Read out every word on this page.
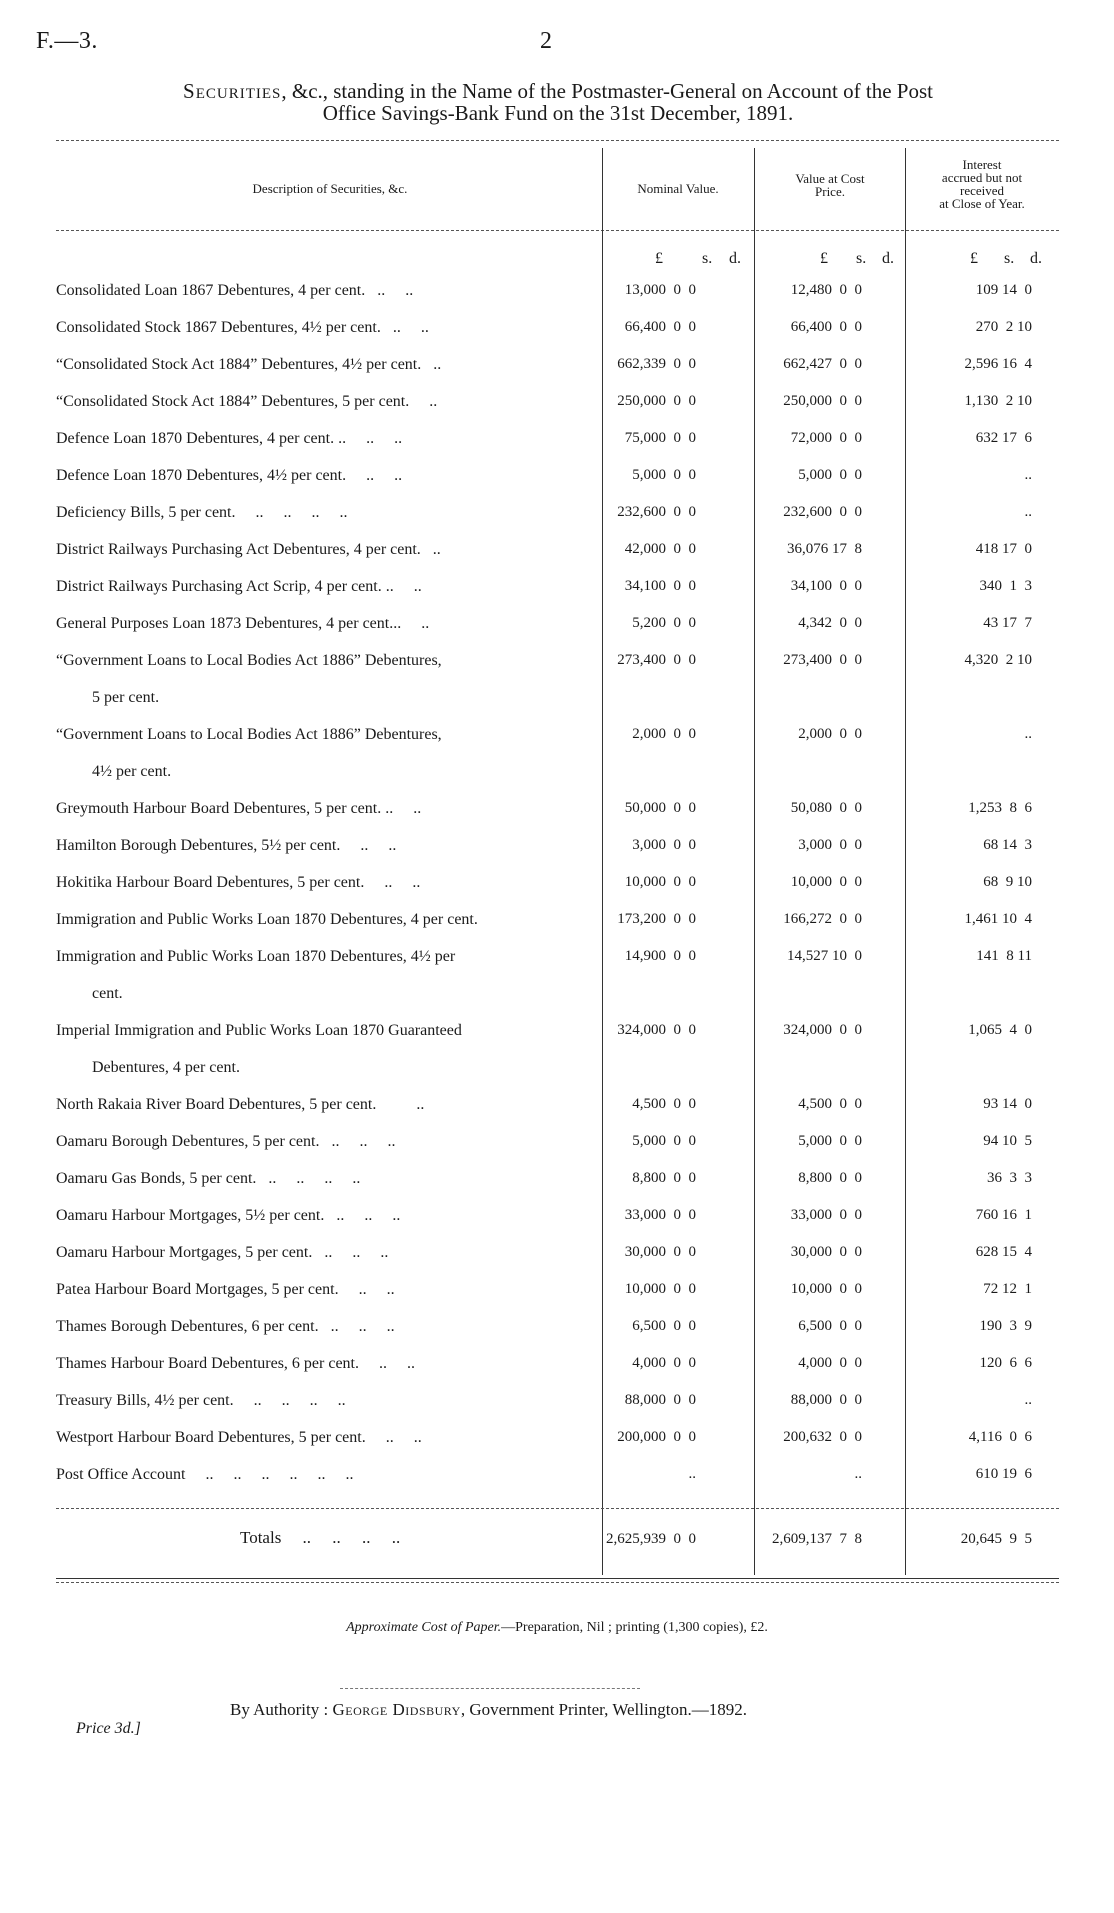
F.—3.	2
Securities, &c., standing in the Name of the Postmaster-General on Account of the Post
Office Savings-Bank Fund on the 31st December, 1891.
Description of Securities, &c.	Nominal Value.
Value at Cost
Price.
Interest
accrued but not
received
at Close of Year.
£ s. d.	£ s. d.	£ s. d.
Consolidated Loan 1867 Debentures, 4 per cent.   ..     ..	13,000  0  0	12,480  0  0	109 14  0
Consolidated Stock 1867 Debentures, 4½ per cent.   ..     ..	66,400  0  0	66,400  0  0	270  2 10
“Consolidated Stock Act 1884” Debentures, 4½ per cent.   ..	662,339  0  0	662,427  0  0	2,596 16  4
“Consolidated Stock Act 1884” Debentures, 5 per cent.     ..	250,000  0  0	250,000  0  0	1,130  2 10
Defence Loan 1870 Debentures, 4 per cent. ..     ..     ..	75,000  0  0	72,000  0  0	632 17  6
Defence Loan 1870 Debentures, 4½ per cent.     ..     ..	5,000  0  0	5,000  0  0	..
Deficiency Bills, 5 per cent.     ..     ..     ..     ..	232,600  0  0	232,600  0  0	..
District Railways Purchasing Act Debentures, 4 per cent.   ..	42,000  0  0	36,076 17  8	418 17  0
District Railways Purchasing Act Scrip, 4 per cent. ..     ..	34,100  0  0	34,100  0  0	340  1  3
General Purposes Loan 1873 Debentures, 4 per cent...     ..	5,200  0  0	4,342  0  0	43 17  7
“Government Loans to Local Bodies Act 1886” Debentures,	273,400  0  0	273,400  0  0	4,320  2 10
5 per cent.
“Government Loans to Local Bodies Act 1886” Debentures,	2,000  0  0	2,000  0  0	..
4½ per cent.
Greymouth Harbour Board Debentures, 5 per cent. ..     ..	50,000  0  0	50,080  0  0	1,253  8  6
Hamilton Borough Debentures, 5½ per cent.     ..     ..	3,000  0  0	3,000  0  0	68 14  3
Hokitika Harbour Board Debentures, 5 per cent.     ..     ..	10,000  0  0	10,000  0  0	68  9 10
Immigration and Public Works Loan 1870 Debentures, 4 per cent.	173,200  0  0	166,272  0  0	1,461 10  4
Immigration and Public Works Loan 1870 Debentures, 4½ per	14,900  0  0	14,527 10  0	141  8 11
cent.
Imperial Immigration and Public Works Loan 1870 Guaranteed	324,000  0  0	324,000  0  0	1,065  4  0
Debentures, 4 per cent.
North Rakaia River Board Debentures, 5 per cent.          ..	4,500  0  0	4,500  0  0	93 14  0
Oamaru Borough Debentures, 5 per cent.   ..     ..     ..	5,000  0  0	5,000  0  0	94 10  5
Oamaru Gas Bonds, 5 per cent.   ..     ..     ..     ..	8,800  0  0	8,800  0  0	36  3  3
Oamaru Harbour Mortgages, 5½ per cent.   ..     ..     ..	33,000  0  0	33,000  0  0	760 16  1
Oamaru Harbour Mortgages, 5 per cent.   ..     ..     ..	30,000  0  0	30,000  0  0	628 15  4
Patea Harbour Board Mortgages, 5 per cent.     ..     ..	10,000  0  0	10,000  0  0	72 12  1
Thames Borough Debentures, 6 per cent.   ..     ..     ..	6,500  0  0	6,500  0  0	190  3  9
Thames Harbour Board Debentures, 6 per cent.     ..     ..	4,000  0  0	4,000  0  0	120  6  6
Treasury Bills, 4½ per cent.     ..     ..     ..     ..	88,000  0  0	88,000  0  0	..
Westport Harbour Board Debentures, 5 per cent.     ..     ..	200,000  0  0	200,632  0  0	4,116  0  6
Post Office Account     ..     ..     ..     ..     ..     ..	..	..	610 19  6
Totals     ..     ..     ..     ..	2,625,939  0  0	2,609,137  7  8	20,645  9  5
Approximate Cost of Paper.—Preparation, Nil ; printing (1,300 copies), £2.
By Authority : George Didsbury, Government Printer, Wellington.—1892.
Price 3d.]
